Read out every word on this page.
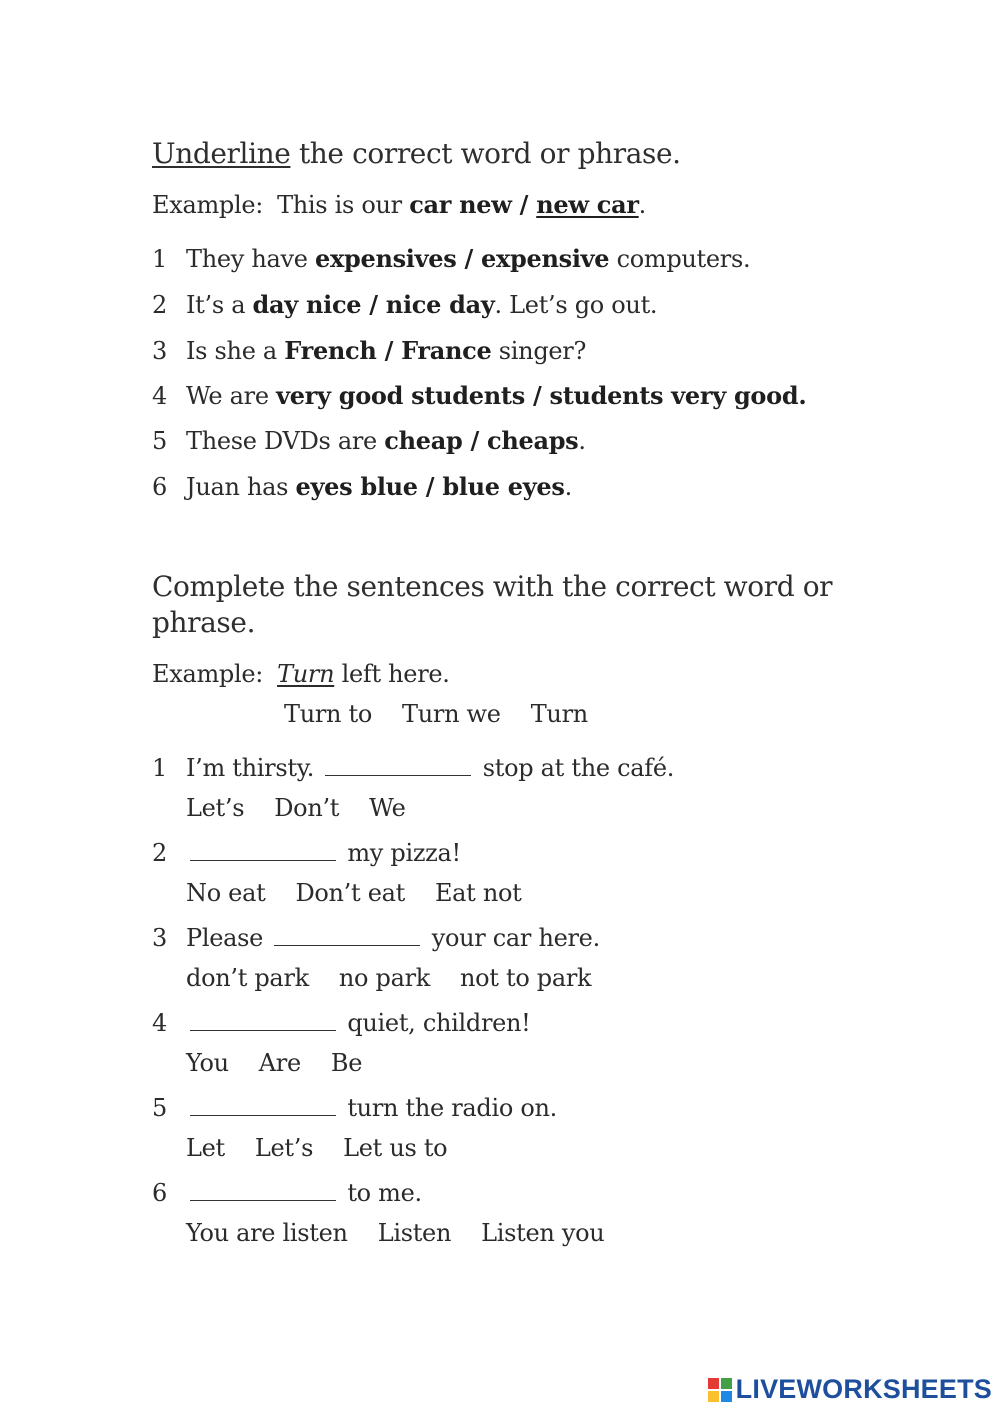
Underline the correct word or phrase.
Example: This is our car new / new car.
1 They have expensives / expensive computers.
2 It’s a day nice / nice day. Let’s go out.
3 Is she a French / France singer?
4 We are very good students / students very good.
5 These DVDs are cheap / cheaps.
6 Juan has eyes blue / blue eyes.
Complete the sentences with the correct word or
phrase.
Example: Turn left here.
Turn to Turn we Turn
1 I’m thirsty.	stop at the café.
Let’s Don’t We
2	my pizza!
No eat Don’t eat Eat not
3 Please	your car here.
don’t park no park not to park
4	quiet, children!
You Are Be
5	turn the radio on.
Let Let’s Let us to
6	to me.
You are listen Listen Listen you
LIVEWORKSHEETS
